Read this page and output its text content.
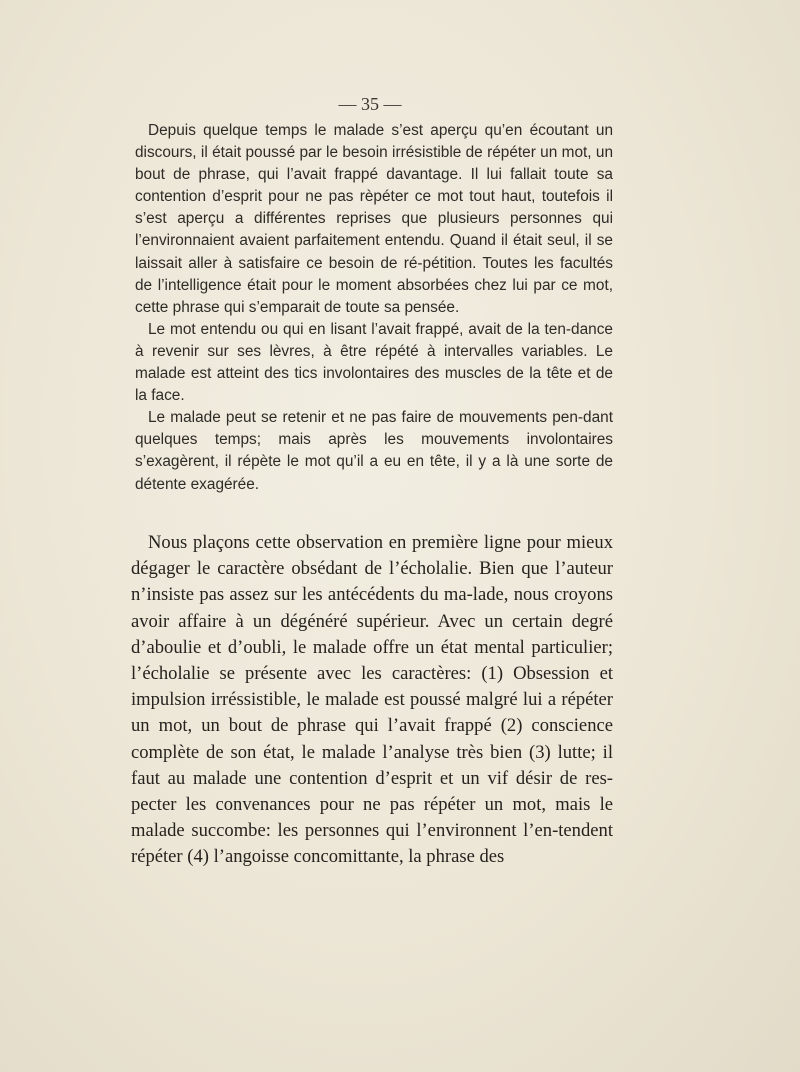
— 35 —

Depuis quelque temps le malade s’est aperçu qu’en écoutant un discours, il était poussé par le besoin irrésistible de répéter un mot, un bout de phrase, qui l’avait frappé davantage. Il lui fallait toute sa contention d’esprit pour ne pas rèpéter ce mot tout haut, toutefois il s’est aperçu a différentes reprises que plusieurs personnes qui l’environnaient avaient parfaitement entendu. Quand il était seul, il se laissait aller à satisfaire ce besoin de ré-pétition. Toutes les facultés de l’intelligence était pour le moment absorbées chez lui par ce mot, cette phrase qui s’emparait de toute sa pensée.

Le mot entendu ou qui en lisant l’avait frappé, avait de la ten-dance à revenir sur ses lèvres, à être répété à intervalles variables. Le malade est atteint des tics involontaires des muscles de la tête et de la face.

Le malade peut se retenir et ne pas faire de mouvements pen-dant quelques temps; mais après les mouvements involontaires s’exagèrent, il répète le mot qu’il a eu en tête, il y a là une sorte de détente exagérée.

Nous plaçons cette observation en première ligne pour mieux dégager le caractère obsédant de l’écholalie. Bien que l’auteur n’insiste pas assez sur les antécédents du ma-lade, nous croyons avoir affaire à un dégénéré supérieur. Avec un certain degré d’aboulie et d’oubli, le malade offre un état mental particulier; l’écholalie se présente avec les caractères: (1) Obsession et impulsion irréssistible, le malade est poussé malgré lui a répéter un mot, un bout de phrase qui l’avait frappé (2) conscience complète de son état, le malade l’analyse très bien (3) lutte; il faut au malade une contention d’esprit et un vif désir de res-pecter les convenances pour ne pas répéter un mot, mais le malade succombe: les personnes qui l’environnent l’en-tendent répéter (4) l’angoisse concomittante, la phrase des
